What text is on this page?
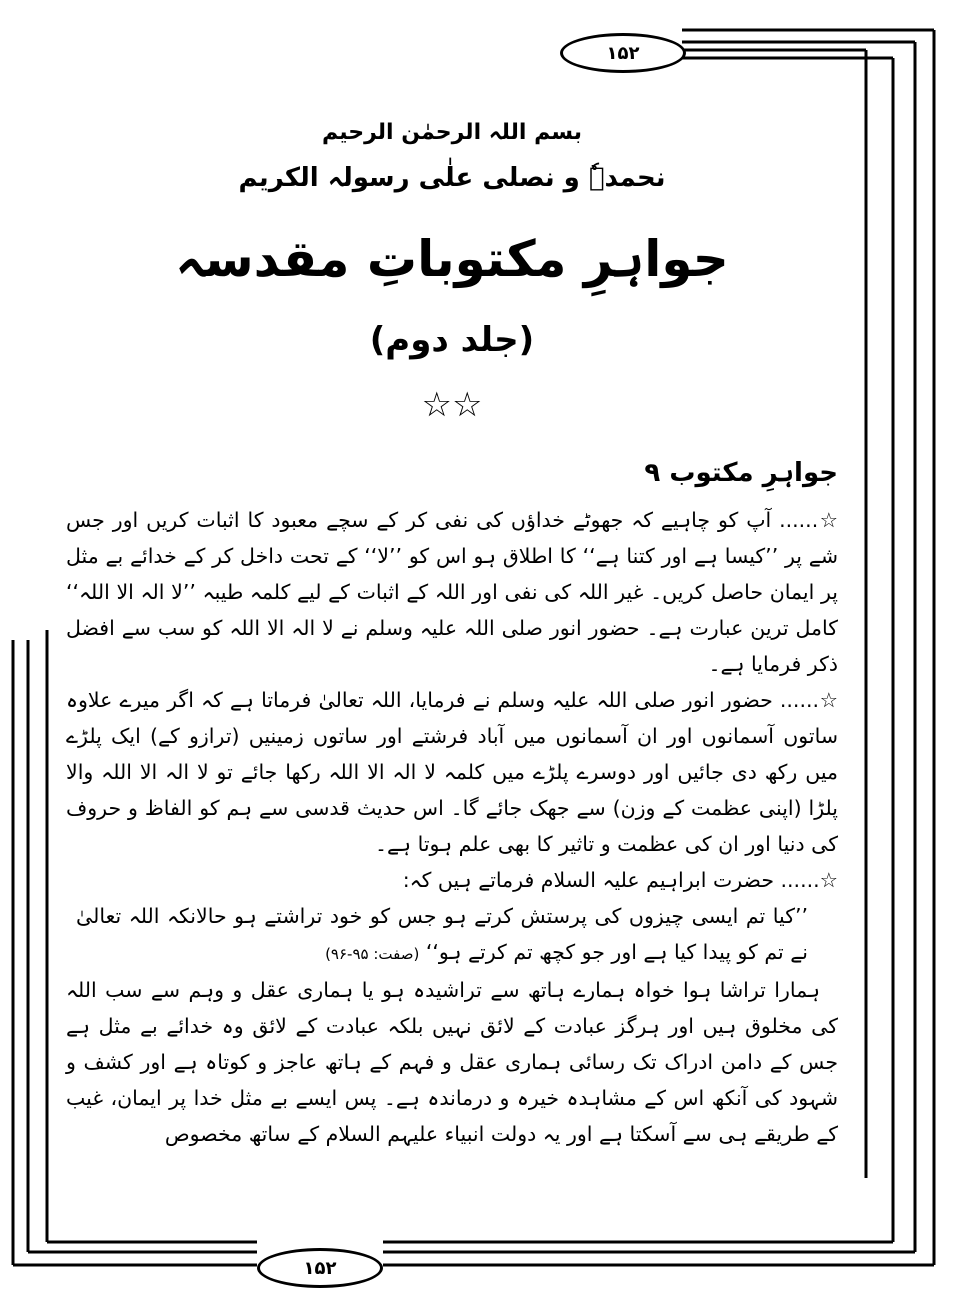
۱۵۲
بسم اللہ الرحمٰن الرحیم
نحمدہٗ و نصلی علٰی رسولہ الکریم
جواہرِ مکتوباتِ مقدسہ
(جلد دوم)
☆☆
جواہرِ مکتوب ۹

☆...... آپ کو چاہیے کہ جھوٹے خداؤں کی نفی کر کے سچے معبود کا اثبات کریں اور جس شے پر ’’کیسا ہے اور کتنا ہے‘‘ کا اطلاق ہو اس کو ’’لا‘‘ کے تحت داخل کر کے خدائے بے مثل پر ایمان حاصل کریں۔ غیر اللہ کی نفی اور اللہ کے اثبات کے لیے کلمہ طیبہ ’’لا الہ الا اللہ‘‘ کامل ترین عبارت ہے۔ حضور انور صلی اللہ علیہ وسلم نے لا الہ الا اللہ کو سب سے افضل ذکر فرمایا ہے۔

☆...... حضور انور صلی اللہ علیہ وسلم نے فرمایا، اللہ تعالیٰ فرماتا ہے کہ اگر میرے علاوہ ساتوں آسمانوں اور ان آسمانوں میں آباد فرشتے اور ساتوں زمینیں (ترازو کے) ایک پلڑے میں رکھ دی جائیں اور دوسرے پلڑے میں کلمہ لا الہ الا اللہ رکھا جائے تو لا الہ الا اللہ والا پلڑا (اپنی عظمت کے وزن) سے جھک جائے گا۔ اس حدیث قدسی سے ہم کو الفاظ و حروف کی دنیا اور ان کی عظمت و تاثیر کا بھی علم ہوتا ہے۔

☆...... حضرت ابراہیم علیہ السلام فرماتے ہیں کہ:

’’کیا تم ایسی چیزوں کی پرستش کرتے ہو جس کو خود تراشتے ہو حالانکہ اللہ تعالیٰ نے تم کو پیدا کیا ہے اور جو کچھ تم کرتے ہو‘‘ (صفت: ۹۵-۹۶)

ہمارا تراشا ہوا خواہ ہمارے ہاتھ سے تراشیدہ ہو یا ہماری عقل و وہم سے سب اللہ کی مخلوق ہیں اور ہرگز عبادت کے لائق نہیں بلکہ عبادت کے لائق وہ خدائے بے مثل ہے جس کے دامن ادراک تک رسائی ہماری عقل و فہم کے ہاتھ عاجز و کوتاہ ہے اور کشف و شہود کی آنکھ اس کے مشاہدہ خیرہ و درماندہ ہے۔ پس ایسے بے مثل خدا پر ایمان، غیب کے طریقے ہی سے آسکتا ہے اور یہ دولت انبیاء علیہم السلام کے ساتھ مخصوص

۱۵۲
